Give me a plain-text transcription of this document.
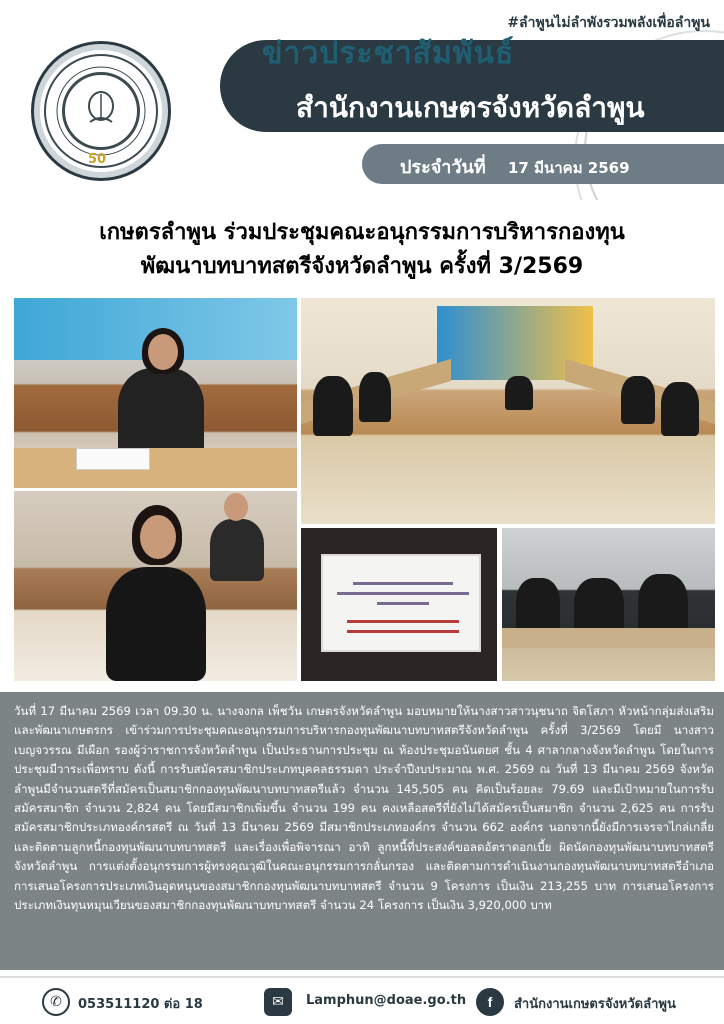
#ลำพูนไม่ลำพังรวมพลังเพื่อลำพูน
ข่าวประชาสัมพันธ์
สำนักงานเกษตรจังหวัดลำพูน
ประจำวันที่ 17 มีนาคม 2569
50
เกษตรลำพูน ร่วมประชุมคณะอนุกรรมการบริหารกองทุน
พัฒนาบทบาทสตรีจังหวัดลำพูน ครั้งที่ 3/2569
วันที่ 17 มีนาคม 2569 เวลา 09.30 น. นางจงกล เพ็ชวัน เกษตรจังหวัดลำพูน มอบหมายให้นางสาวสาวนุชนาถ จิตโสภา หัวหน้ากลุ่มส่งเสริมและพัฒนาเกษตรกร เข้าร่วมการประชุมคณะอนุกรรมการบริหารกองทุนพัฒนาบทบาทสตรีจังหวัดลำพูน ครั้งที่ 3/2569 โดยมี นางสาวเบญจวรรณ มีเผือก รองผู้ว่าราชการจังหวัดลำพูน เป็นประธานการประชุม ณ ห้องประชุมอนันตยศ ชั้น 4 ศาลากลางจังหวัดลำพูน โดยในการประชุมมีวาระเพื่อทราบ ดังนี้ การรับสมัครสมาชิกประเภทบุคคลธรรมดา ประจำปีงบประมาณ พ.ศ. 2569 ณ วันที่ 13 มีนาคม 2569 จังหวัดลำพูนมีจำนวนสตรีที่สมัครเป็นสมาชิกกองทุนพัฒนาบทบาทสตรีแล้ว จำนวน 145,505 คน คิดเป็นร้อยละ 79.69 และมีเป้าหมายในการรับสมัครสมาชิก จำนวน 2,824 คน โดยมีสมาชิกเพิ่มขึ้น จำนวน 199 คน คงเหลือสตรีที่ยังไม่ได้สมัครเป็นสมาชิก จำนวน 2,625 คน การรับสมัครสมาชิกประเภทองค์กรสตรี ณ วันที่ 13 มีนาคม 2569 มีสมาชิกประเภทองค์กร จำนวน 662 องค์กร นอกจากนี้ยังมีการเจรจาไกล่เกลี่ยและติดตามลูกหนี้กองทุนพัฒนาบทบาทสตรี และเรื่องเพื่อพิจารณา อาทิ ลูกหนี้ที่ประสงค์ขอลดอัตราดอกเบี้ย ผิดนัดกองทุนพัฒนาบทบาทสตรีจังหวัดลำพูน การแต่งตั้งอนุกรรมการผู้ทรงคุณวุฒิในคณะอนุกรรมการกลั่นกรอง และติดตามการดำเนินงานกองทุนพัฒนาบทบาทสตรีอำเภอ การเสนอโครงการประเภทเงินอุดหนุนของสมาชิกกองทุนพัฒนาบทบาทสตรี จำนวน 9 โครงการ เป็นเงิน 213,255 บาท การเสนอโครงการประเภทเงินทุนหมุนเวียนของสมาชิกกองทุนพัฒนาบทบาทสตรี จำนวน 24 โครงการ เป็นเงิน 3,920,000 บาท
✆	053511120 ต่อ 18	✉	Lamphun@doae.go.th	f	สำนักงานเกษตรจังหวัดลำพูน
